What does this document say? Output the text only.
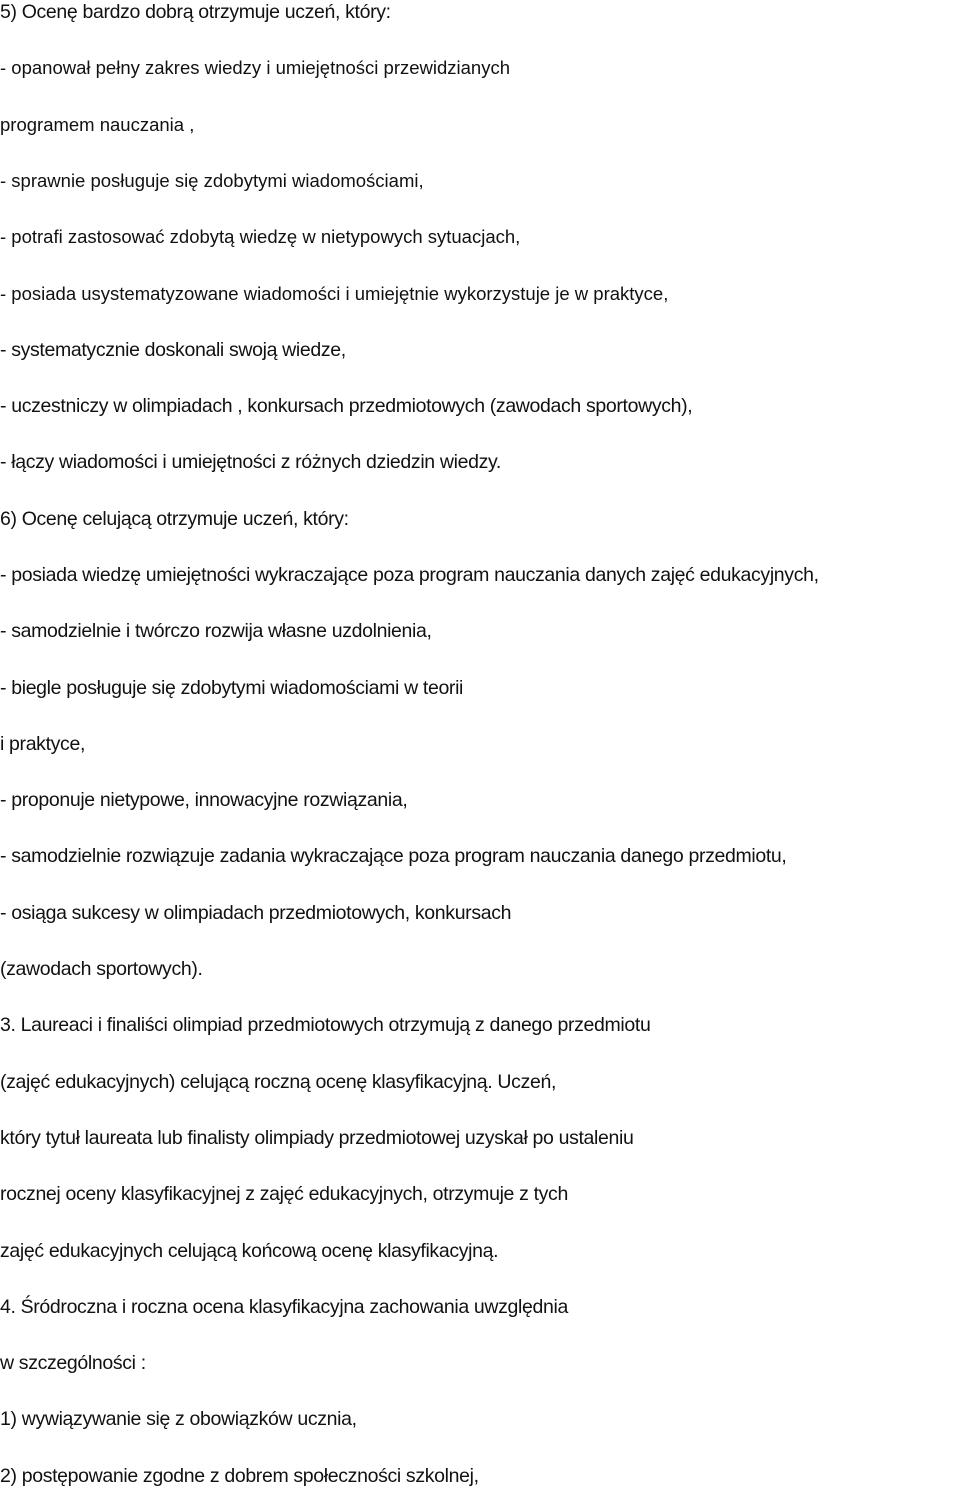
5) Ocenę bardzo dobrą otrzymuje uczeń, który:

- opanował pełny zakres wiedzy i umiejętności przewidzianych

programem nauczania ,

- sprawnie posługuje się zdobytymi wiadomościami,

- potrafi zastosować zdobytą wiedzę w nietypowych sytuacjach,

- posiada usystematyzowane wiadomości i umiejętnie wykorzystuje je w praktyce,

- systematycznie doskonali swoją wiedze,

- uczestniczy w olimpiadach , konkursach przedmiotowych (zawodach sportowych),

- łączy wiadomości i umiejętności z różnych dziedzin wiedzy.

6) Ocenę celującą otrzymuje uczeń, który:

- posiada wiedzę umiejętności wykraczające poza program nauczania danych zajęć edukacyjnych,

- samodzielnie i twórczo rozwija własne uzdolnienia,

- biegle posługuje się zdobytymi wiadomościami w teorii

i praktyce,

- proponuje nietypowe, innowacyjne rozwiązania,

- samodzielnie rozwiązuje zadania wykraczające poza program nauczania danego przedmiotu,

- osiąga sukcesy w olimpiadach przedmiotowych, konkursach

(zawodach sportowych).

3. Laureaci i finaliści olimpiad przedmiotowych otrzymują z danego przedmiotu

(zajęć edukacyjnych) celującą roczną ocenę klasyfikacyjną. Uczeń,

który tytuł laureata lub finalisty olimpiady przedmiotowej uzyskał po ustaleniu

rocznej oceny klasyfikacyjnej z zajęć edukacyjnych, otrzymuje z tych

zajęć edukacyjnych celującą końcową ocenę klasyfikacyjną.

4. Śródroczna i roczna ocena klasyfikacyjna zachowania uwzględnia

w szczególności :

1) wywiązywanie się z obowiązków ucznia,

2) postępowanie zgodne z dobrem społeczności szkolnej,
